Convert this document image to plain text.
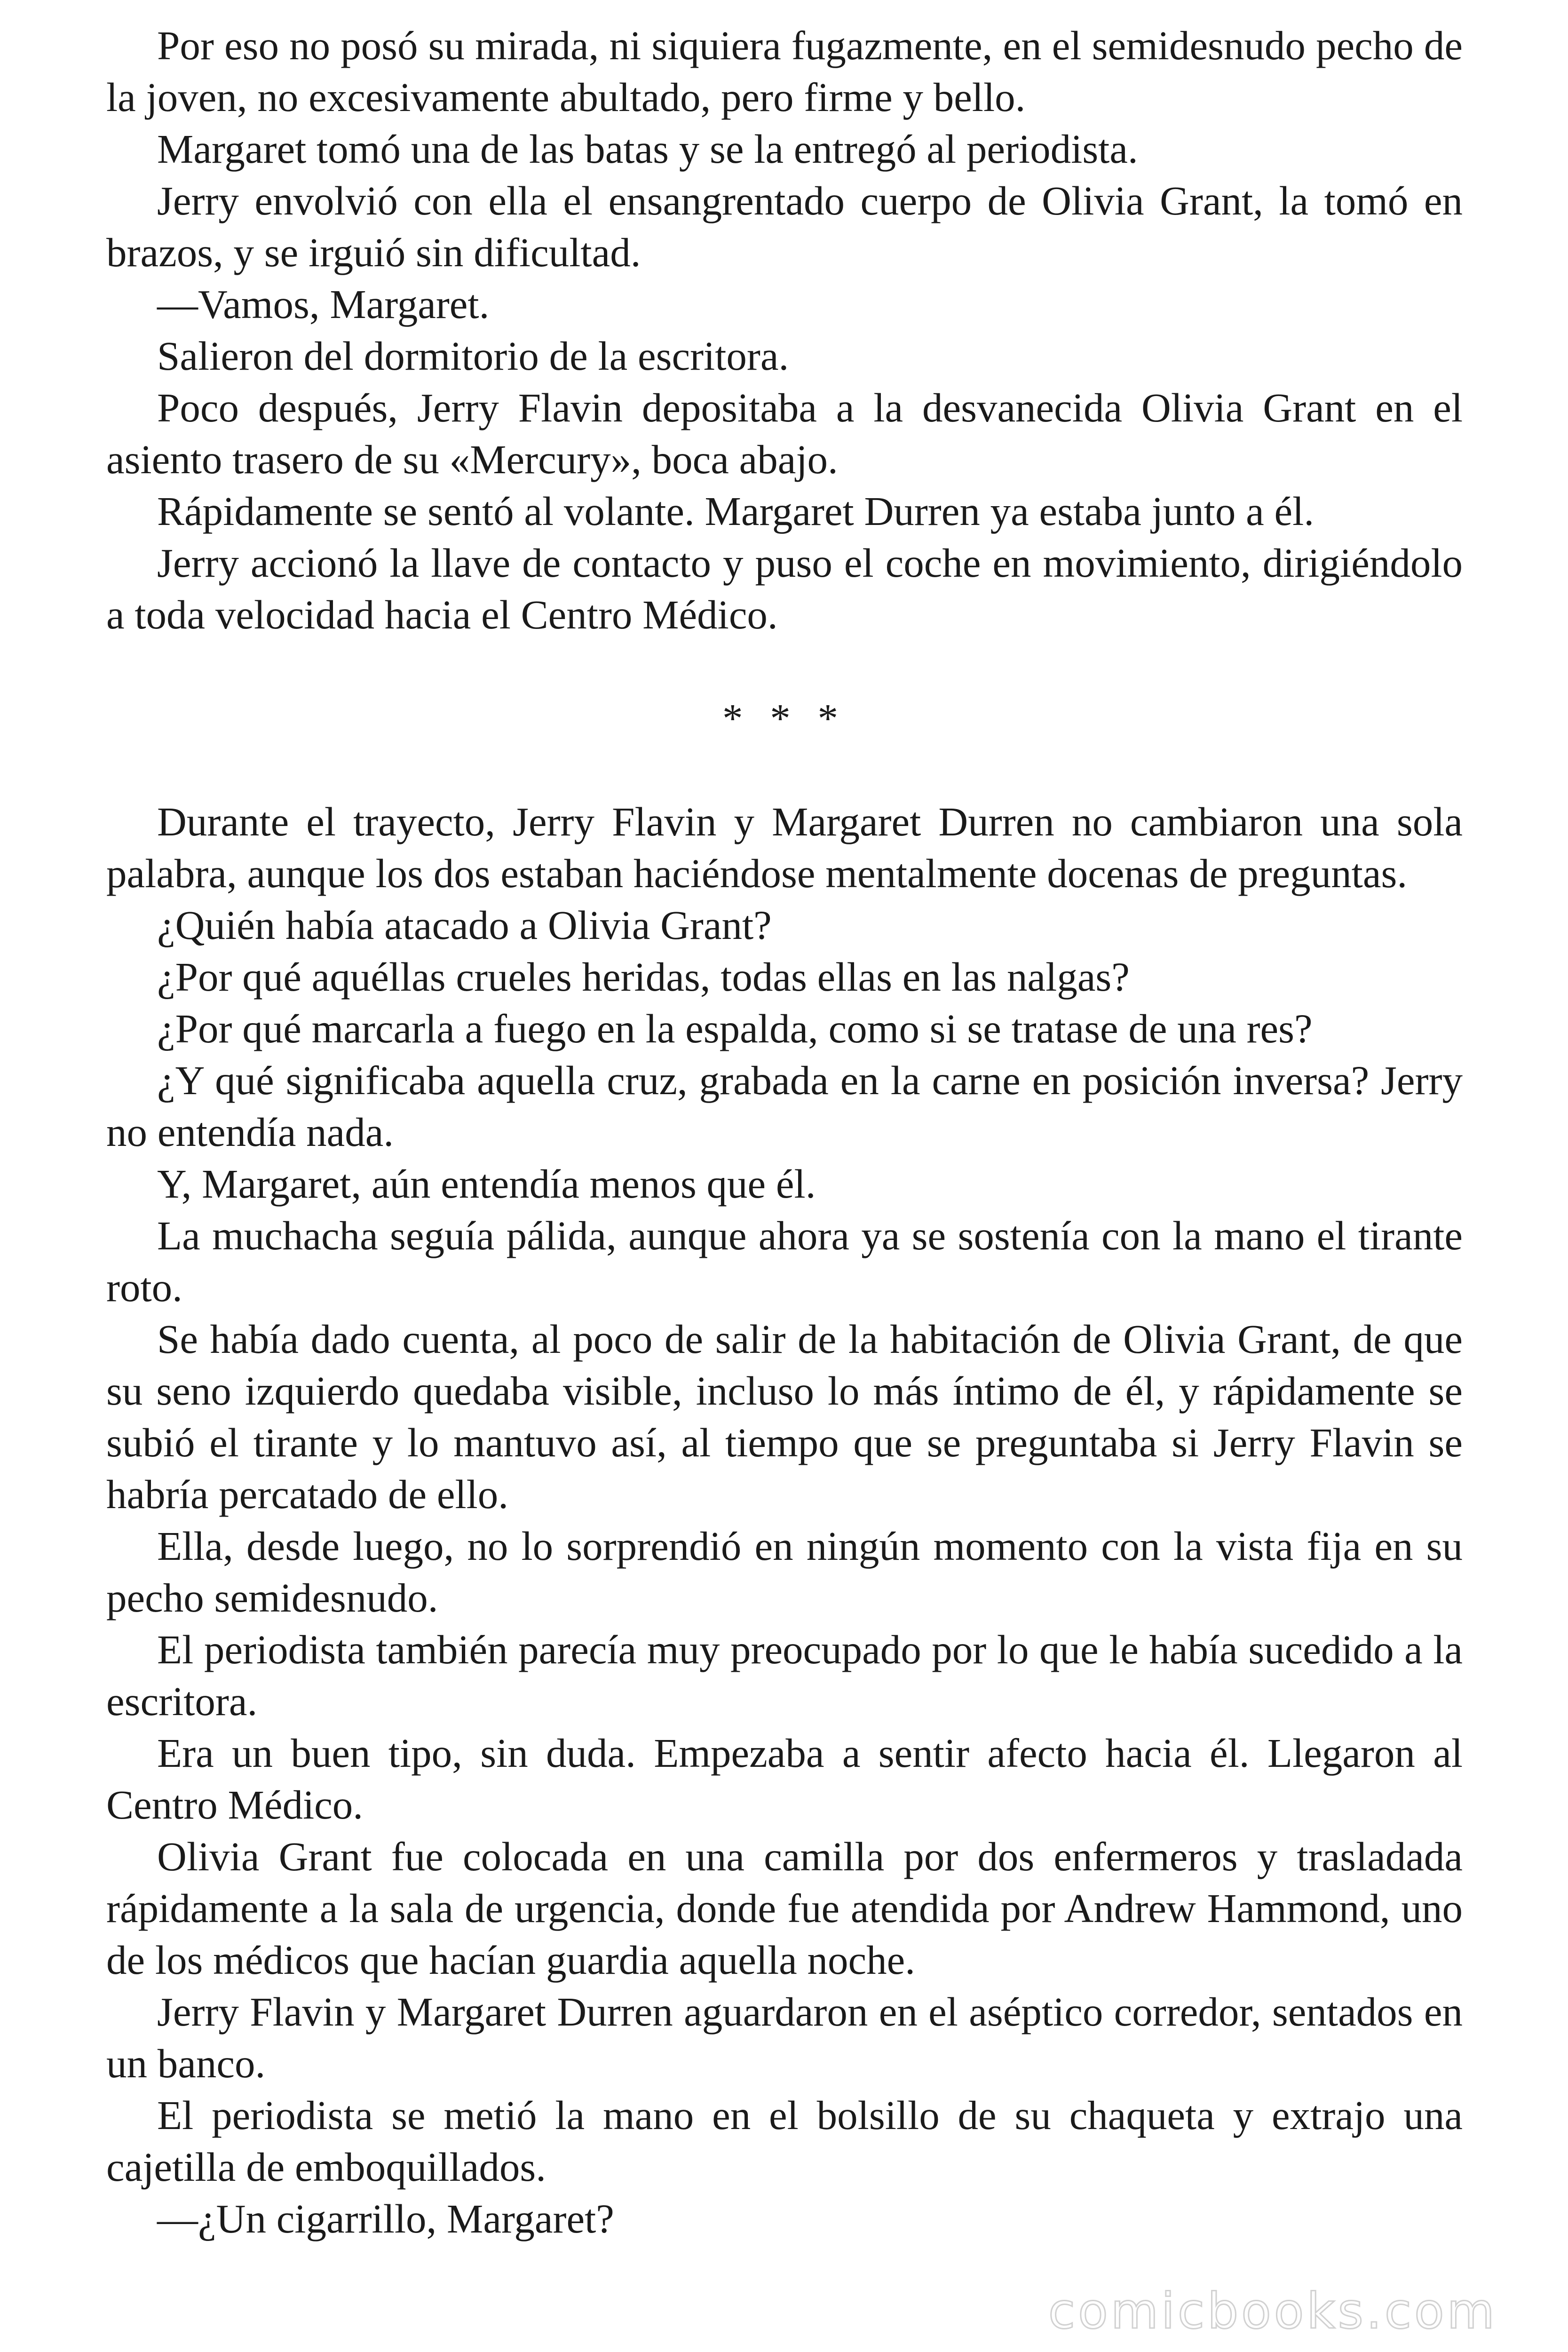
Por eso no posó su mirada, ni siquiera fugazmente, en el semidesnudo pecho de la joven, no excesivamente abultado, pero firme y bello.

Margaret tomó una de las batas y se la entregó al periodista.

Jerry envolvió con ella el ensangrentado cuerpo de Olivia Grant, la tomó en brazos, y se irguió sin dificultad.

—Vamos, Margaret.

Salieron del dormitorio de la escritora.

Poco después, Jerry Flavin depositaba a la desvanecida Olivia Grant en el asiento trasero de su «Mercury», boca abajo.

Rápidamente se sentó al volante. Margaret Durren ya estaba junto a él.

Jerry accionó la llave de contacto y puso el coche en movimiento, dirigiéndolo a toda velocidad hacia el Centro Médico.

* * *

Durante el trayecto, Jerry Flavin y Margaret Durren no cambiaron una sola palabra, aunque los dos estaban haciéndose mentalmente docenas de preguntas.

¿Quién había atacado a Olivia Grant?

¿Por qué aquéllas crueles heridas, todas ellas en las nalgas?

¿Por qué marcarla a fuego en la espalda, como si se tratase de una res?

¿Y qué significaba aquella cruz, grabada en la carne en posición inversa? Jerry no entendía nada.

Y, Margaret, aún entendía menos que él.

La muchacha seguía pálida, aunque ahora ya se sostenía con la mano el tirante roto.

Se había dado cuenta, al poco de salir de la habitación de Olivia Grant, de que su seno izquierdo quedaba visible, incluso lo más íntimo de él, y rápidamente se subió el tirante y lo mantuvo así, al tiempo que se preguntaba si Jerry Flavin se habría percatado de ello.

Ella, desde luego, no lo sorprendió en ningún momento con la vista fija en su pecho semidesnudo.

El periodista también parecía muy preocupado por lo que le había sucedido a la escritora.

Era un buen tipo, sin duda. Empezaba a sentir afecto hacia él. Llegaron al Centro Médico.

Olivia Grant fue colocada en una camilla por dos enfermeros y trasladada rápidamente a la sala de urgencia, donde fue atendida por Andrew Hammond, uno de los médicos que hacían guardia aquella noche.

Jerry Flavin y Margaret Durren aguardaron en el aséptico corredor, sentados en un banco.

El periodista se metió la mano en el bolsillo de su chaqueta y extrajo una cajetilla de emboquillados.

—¿Un cigarrillo, Margaret?

comicbooks.com
